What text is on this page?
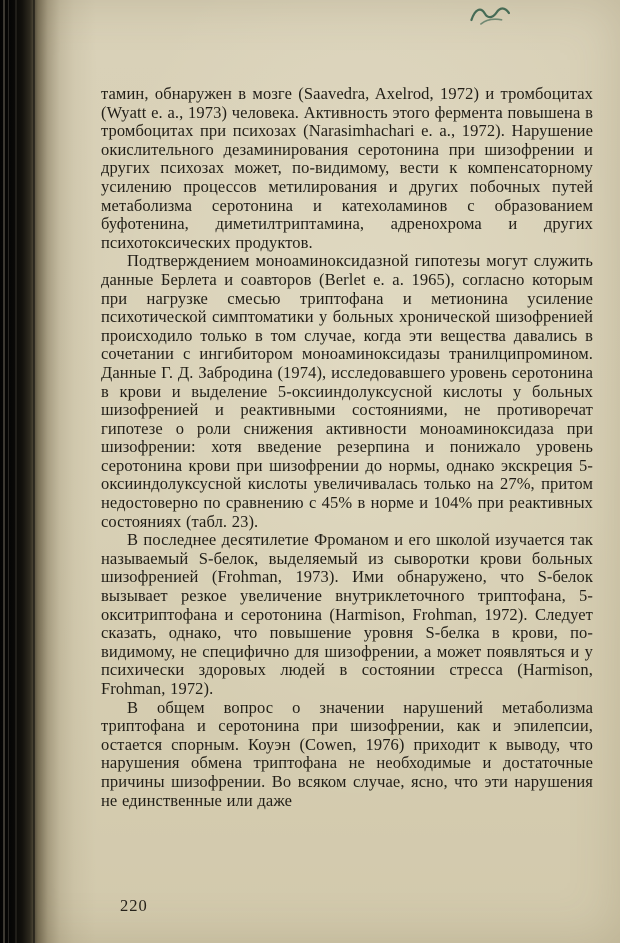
тамин, обнаружен в мозге (Saavedra, Axelrod, 1972) и тромбоцитах (Wyatt е. а., 1973) человека. Активность этого фермента повышена в тромбоцитах при психозах (Narasimhachari е. а., 1972). Нарушение окислительного дезаминирования серотонина при шизофрении и других психозах может, по-видимому, вести к компенсаторному усилению процессов метилирования и других побочных путей метаболизма серотонина и катехоламинов с образованием буфотенина, диметилтриптамина, адренохрома и других психотоксических продуктов.

Подтверждением моноаминоксидазной гипотезы могут служить данные Берлета и соавторов (Berlet е. а. 1965), согласно которым при нагрузке смесью триптофана и метионина усиление психотической симптоматики у больных хронической шизофренией происходило только в том случае, когда эти вещества давались в сочетании с ингибитором моноаминоксидазы транилципромином. Данные Г. Д. Забродина (1974), исследовавшего уровень серотонина в крови и выделение 5-оксииндолуксусной кислоты у больных шизофренией и реактивными состояниями, не противоречат гипотезе о роли снижения активности моноаминоксидаза при шизофрении: хотя введение резерпина и понижало уровень серотонина крови при шизофрении до нормы, однако экскреция 5-оксииндолуксусной кислоты увеличивалась только на 27%, притом недостоверно по сравнению с 45% в норме и 104% при реактивных состояниях (табл. 23).

В последнее десятилетие Фроманом и его школой изучается так называемый S-белок, выделяемый из сыворотки крови больных шизофренией (Frohman, 1973). Ими обнаружено, что S-белок вызывает резкое увеличение внутриклеточного триптофана, 5-окситриптофана и серотонина (Harmison, Frohman, 1972). Следует сказать, однако, что повышение уровня S-белка в крови, по-видимому, не специфично для шизофрении, а может появляться и у психически здоровых людей в состоянии стресса (Harmison, Frohman, 1972).

В общем вопрос о значении нарушений метаболизма триптофана и серотонина при шизофрении, как и эпилепсии, остается спорным. Коуэн (Cowen, 1976) приходит к выводу, что нарушения обмена триптофана не необходимые и достаточные причины шизофрении. Во всяком случае, ясно, что эти нарушения не единственные или даже

220
